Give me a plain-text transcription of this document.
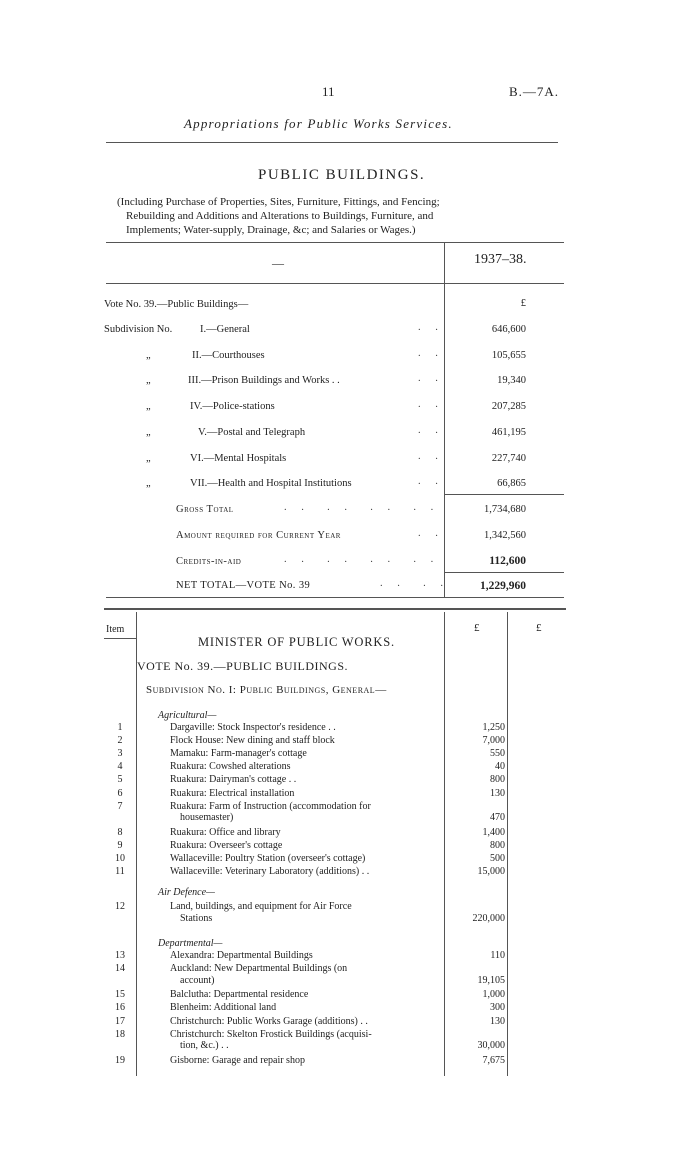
11	B.—7A.
Appropriations for Public Works Services.
PUBLIC BUILDINGS.
(Including Purchase of Properties, Sites, Furniture, Fittings, and Fencing;
Rebuilding and Additions and Alterations to Buildings, Furniture, and
Implements; Water-supply, Drainage, &c; and Salaries or Wages.)
—	1937–38.
Vote No. 39.—Public Buildings—	£
Subdivision No.	I.—General	. .	646,600
„	II.—Courthouses	. .	105,655
„	III.—Prison Buildings and Works . .	. .	19,340
„	IV.—Police-stations	. .	207,285
„	V.—Postal and Telegraph	. .	461,195
„	VI.—Mental Hospitals	. .	227,740
„	VII.—Health and Hospital Institutions	. .	66,865
Gross Total	. .  . .  . .  . .	1,734,680
Amount required for Current Year	. .	1,342,560
Credits-in-aid	. .  . .  . .  . .	112,600
NET TOTAL—VOTE No. 39	. .  . .	1,229,960
Item	£	£
MINISTER OF PUBLIC WORKS.
VOTE No. 39.—PUBLIC BUILDINGS.
Subdivision No. I: Public Buildings, General—
Agricultural—
1	Dargaville: Stock Inspector's residence . .	1,250
2	Flock House: New dining and staff block	7,000
3	Mamaku: Farm-manager's cottage	550
4	Ruakura: Cowshed alterations	40
5	Ruakura: Dairyman's cottage . .	800
6	Ruakura: Electrical installation	130
7	Ruakura: Farm of Instruction (accommodation for
housemaster)	470
8	Ruakura: Office and library	1,400
9	Ruakura: Overseer's cottage	800
10	Wallaceville: Poultry Station (overseer's cottage)	500
11	Wallaceville: Veterinary Laboratory (additions) . .	15,000
Air Defence—
12	Land, buildings, and equipment for Air Force
Stations	220,000
Departmental—
13	Alexandra: Departmental Buildings	110
14	Auckland: New Departmental Buildings (on
account)	19,105
15	Balclutha: Departmental residence	1,000
16	Blenheim: Additional land	300
17	Christchurch: Public Works Garage (additions) . .	130
18	Christchurch: Skelton Frostick Buildings (acquisi-
tion, &c.) . .	30,000
19	Gisborne: Garage and repair shop	7,675
